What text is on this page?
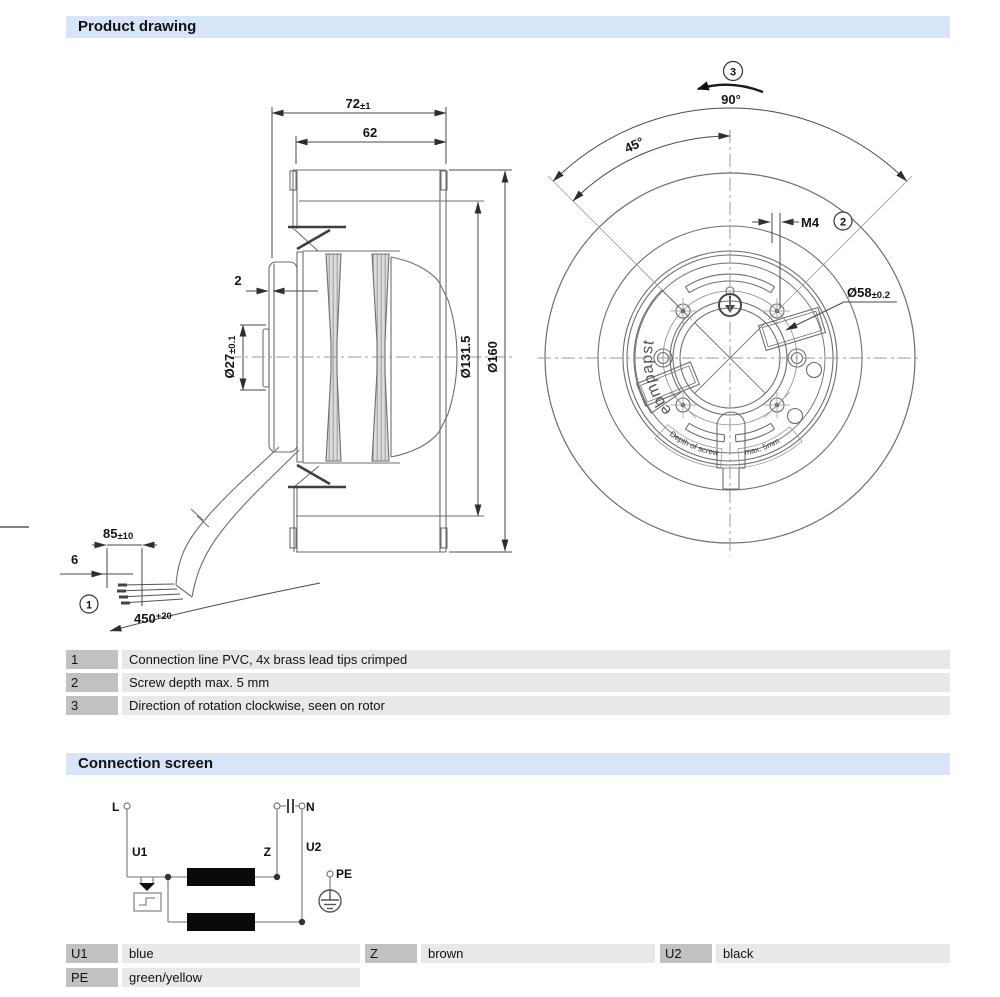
Product drawing
72±1
62
2
Ø27±0.1	Ø131.5 Ø160
85±10
6
$450^{+20}$
1
ebmpapst
Depth of screw	max. 5mm
90°
45°
3
M4 2
Ø58±0.2
1	Connection line PVC, 4x brass lead tips crimped
2	Screw depth max. 5 mm
3	Direction of rotation clockwise, seen on rotor
Connection screen
L	N
U1	Z	U2
PE
U1	blue	Z	brown	U2	black
PE	green/yellow
